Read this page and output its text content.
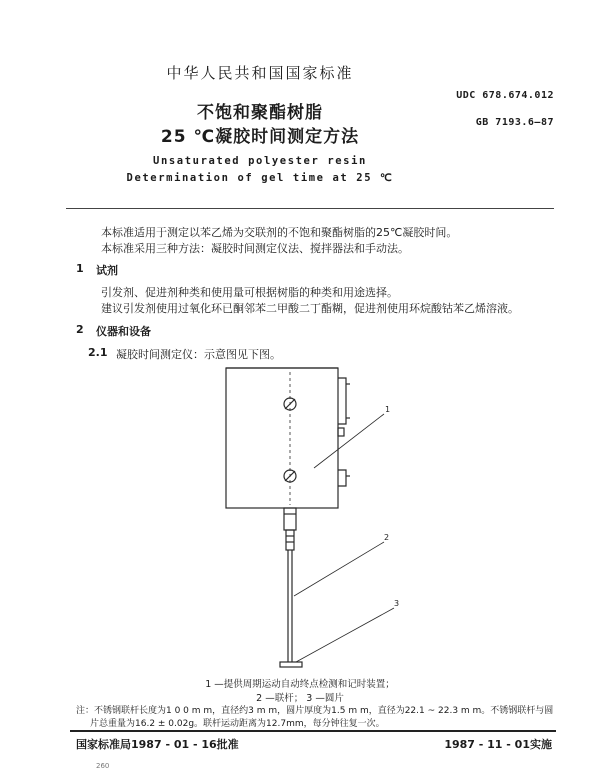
中华人民共和国国家标准
UDC 678.674.012
GB 7193.6—87
不饱和聚酯树脂
25 ℃凝胶时间测定方法
Unsaturated polyester resin
Determination of gel time at 25 ℃
本标准适用于测定以苯乙烯为交联剂的不饱和聚酯树脂的25℃凝胶时间。
本标准采用三种方法：凝胶时间测定仪法、搅拌器法和手动法。
1 试剂
引发剂、促进剂种类和使用量可根据树脂的种类和用途选择。
建议引发剂使用过氧化环已酮邻苯二甲酸二丁酯糊，促进剂使用环烷酸钴苯乙烯溶液。
2 仪器和设备
2.1 凝胶时间测定仪：示意图见下图。
1
2
3
1 —提供周期运动自动终点检测和记时装置；
2 —联杆； 3 —圆片
注：不锈钢联杆长度为1 0 0 m m，直径约3 m m，圆片厚度为1.5 m m，直径为22.1 ~ 22.3 m m。不锈钢联杆与圆
片总重量为16.2 ± 0.02g。联杆运动距离为12.7mm，每分钟往复一次。
国家标准局1987 - 01 - 16批准	1987 - 11 - 01实施
260
